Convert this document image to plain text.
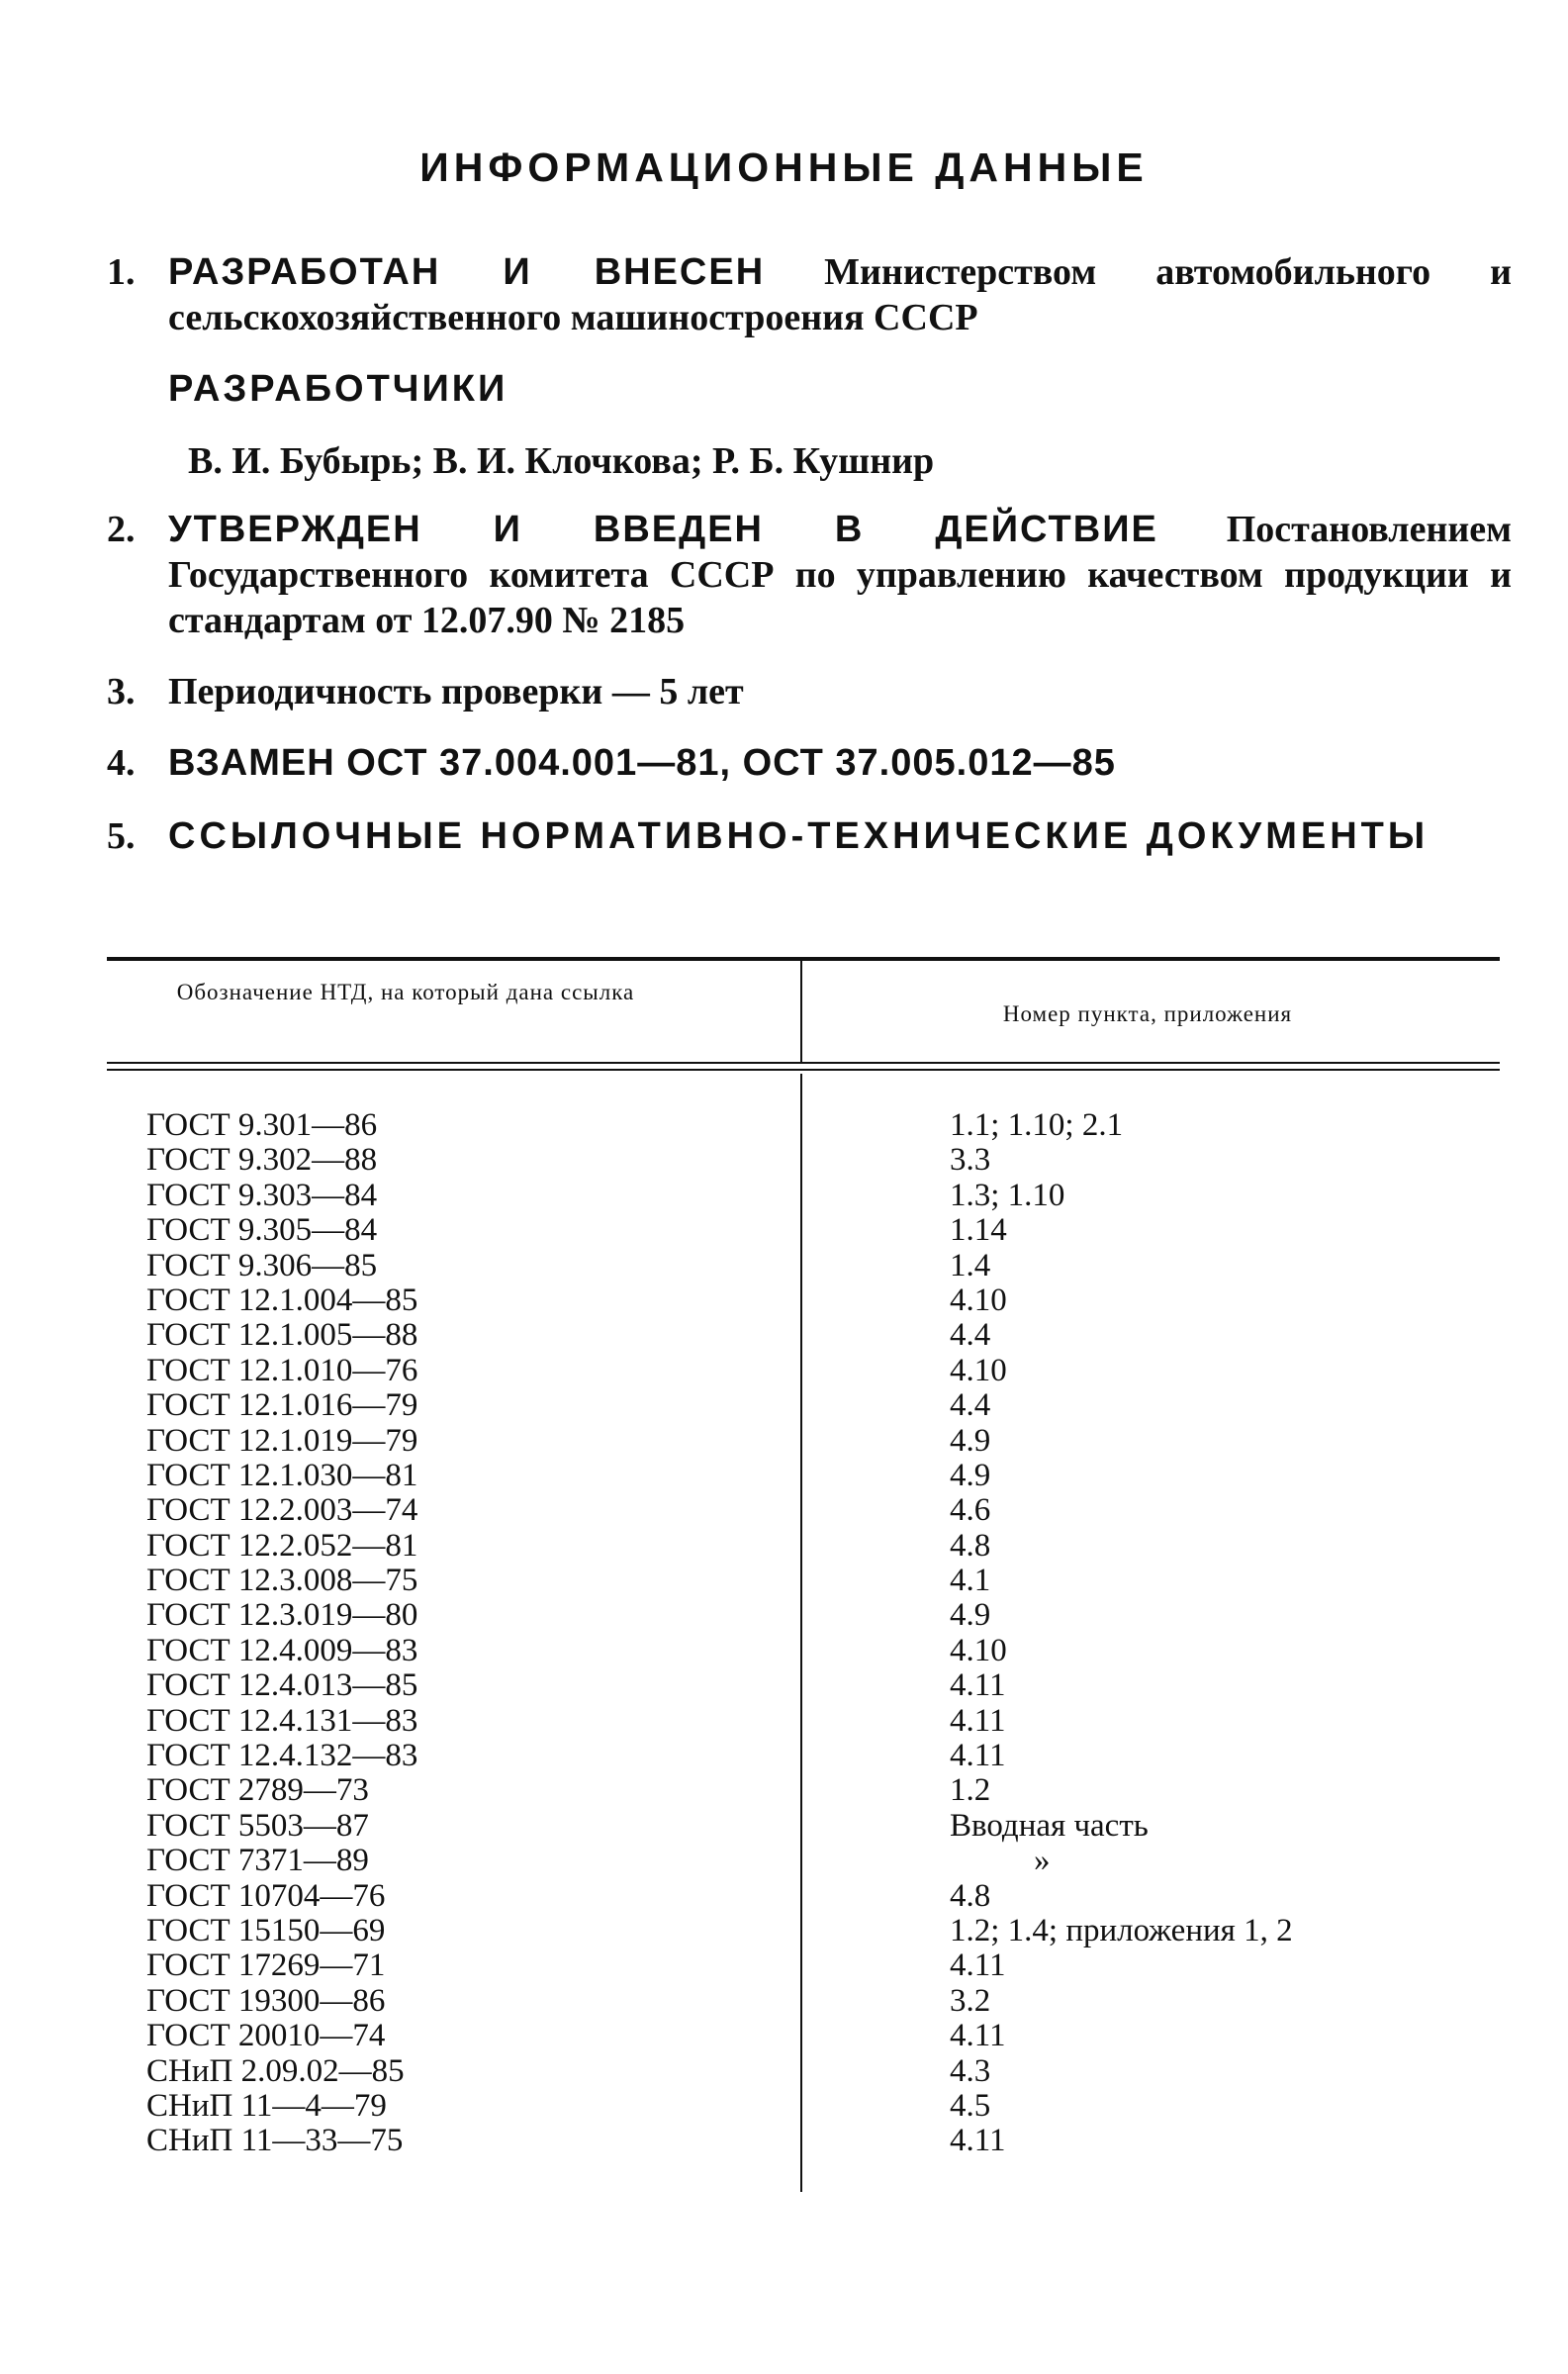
ИНФОРМАЦИОННЫЕ ДАННЫЕ
1. РАЗРАБОТАН И ВНЕСЕН Министерством автомобильного и сельскохозяйственного машиностроения СССР
РАЗРАБОТЧИКИ
В. И. Бубырь; В. И. Клочкова; Р. Б. Кушнир
2. УТВЕРЖДЕН И ВВЕДЕН В ДЕЙСТВИЕ Постановлением Государственного комитета СССР по управлению качеством продукции и стандартам от 12.07.90 № 2185
3. Периодичность проверки — 5 лет
4. ВЗАМЕН ОСТ 37.004.001—81, ОСТ 37.005.012—85
5. ССЫЛОЧНЫЕ НОРМАТИВНО-ТЕХНИЧЕСКИЕ ДОКУМЕНТЫ
Обозначение НТД, на который дана ссылка
Номер пункта, приложения
ГОСТ 9.301—86	1.1; 1.10; 2.1
ГОСТ 9.302—88	3.3
ГОСТ 9.303—84	1.3; 1.10
ГОСТ 9.305—84	1.14
ГОСТ 9.306—85	1.4
ГОСТ 12.1.004—85	4.10
ГОСТ 12.1.005—88	4.4
ГОСТ 12.1.010—76	4.10
ГОСТ 12.1.016—79	4.4
ГОСТ 12.1.019—79	4.9
ГОСТ 12.1.030—81	4.9
ГОСТ 12.2.003—74	4.6
ГОСТ 12.2.052—81	4.8
ГОСТ 12.3.008—75	4.1
ГОСТ 12.3.019—80	4.9
ГОСТ 12.4.009—83	4.10
ГОСТ 12.4.013—85	4.11
ГОСТ 12.4.131—83	4.11
ГОСТ 12.4.132—83	4.11
ГОСТ 2789—73	1.2
ГОСТ 5503—87	Вводная часть
ГОСТ 7371—89	»
ГОСТ 10704—76	4.8
ГОСТ 15150—69	1.2; 1.4; приложения 1, 2
ГОСТ 17269—71	4.11
ГОСТ 19300—86	3.2
ГОСТ 20010—74	4.11
СНиП 2.09.02—85	4.3
СНиП 11—4—79	4.5
СНиП 11—33—75	4.11
